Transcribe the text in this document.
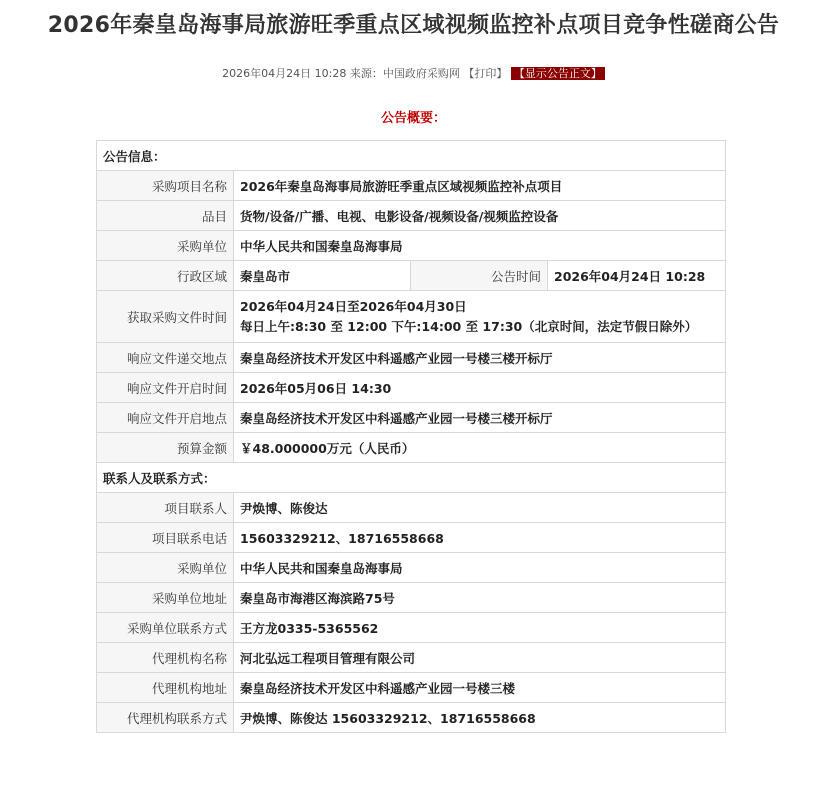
2026年秦皇岛海事局旅游旺季重点区域视频监控补点项目竞争性磋商公告
2026年04月24日 10:28 来源：中国政府采购网 【打印】 【显示公告正文】
公告概要：
公告信息：			
采购项目名称	2026年秦皇岛海事局旅游旺季重点区域视频监控补点项目		
品目	货物/设备/广播、电视、电影设备/视频设备/视频监控设备		
采购单位	中华人民共和国秦皇岛海事局		
行政区域	秦皇岛市	公告时间	2026年04月24日 10:28
获取采购文件时间	2026年04月24日至2026年04月30日
每日上午:8:30 至 12:00 下午:14:00 至 17:30（北京时间，法定节假日除外）		

响应文件递交地点	秦皇岛经济技术开发区中科遥感产业园一号楼三楼开标厅		
响应文件开启时间	2026年05月06日 14:30		
响应文件开启地点	秦皇岛经济技术开发区中科遥感产业园一号楼三楼开标厅		
预算金额	￥48.000000万元（人民币）		
联系人及联系方式：			
项目联系人	尹焕博、陈俊达		
项目联系电话	15603329212、18716558668		
采购单位	中华人民共和国秦皇岛海事局		
采购单位地址	秦皇岛市海港区海滨路75号		
采购单位联系方式	王方龙0335-5365562		
代理机构名称	河北弘远工程项目管理有限公司		
代理机构地址	秦皇岛经济技术开发区中科遥感产业园一号楼三楼		
代理机构联系方式	尹焕博、陈俊达 15603329212、18716558668		
